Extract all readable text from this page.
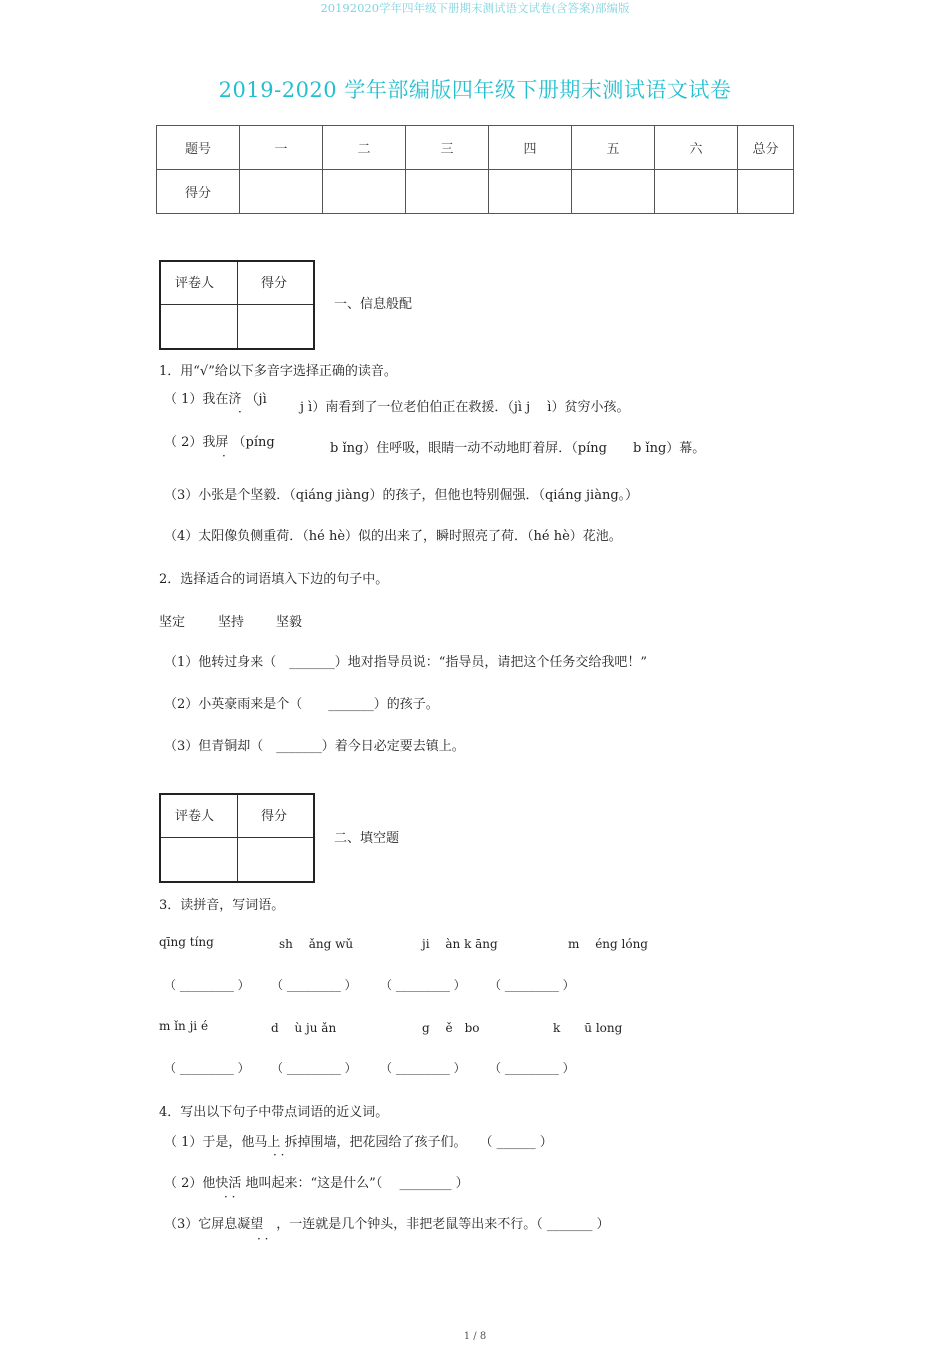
20192020学年四年级下册期末测试语文试卷(含答案)部编版
2019-2020 学年部编版四年级下册期末测试语文试卷
题号	一	二	三	四	五	六	总分
得分							
评卷人	得分
一、信息般配
1．用“√”给以下多音字选择正确的读音。
（ 1）我在济 （jì
·	j ì）南看到了一位老伯伯正在救援．（jì j　 ì）贫穷小孩。
（ 2）我屏 （píng
·	b ǐng）住呼吸，眼睛一动不动地盯着屏．（píng　　b ǐng）幕。
（3）小张是个坚毅．（qiáng jiàng）的孩子，但他也特别倔强．（qiáng jiàng。）
（4）太阳像负侧重荷．（hé hè）似的出来了，瞬时照亮了荷．（hé hè）花池。
2．选择适合的词语填入下边的句子中。
坚定	坚持 坚毅
（1）他转过身来（　_______）地对指导员说：“指导员，请把这个任务交给我吧！”
（2）小英豪雨来是个（　　_______）的孩子。
（3）但青铜却（　_______）着今日必定要去镇上。
评卷人	得分
二、填空题
3．读拼音，写词语。
qīng tíng	sh　 ǎng wǔ	ji　 àn k āng	m　 éng lóng
（ _________ ） （ _________ ） （ _________ ） （ _________ ）
m ǐn ji é	d　 ù ju ǎn	g　 ě　bo	k　　ū long
（ _________ ） （ _________ ） （ _________ ） （ _________ ）
4．写出以下句子中带点词语的近义词。
（ 1）于是，他马上 拆掉围墙，把花园给了孩子们。　　（ ______ ）
· ·
（ 2）他快活 地叫起来：“这是什么”（　 ________ ）
· ·
（3）它屏息凝望　，一连就是几个钟头，非把老鼠等出来不行。（ _______ ）
· ·
1 / 8
